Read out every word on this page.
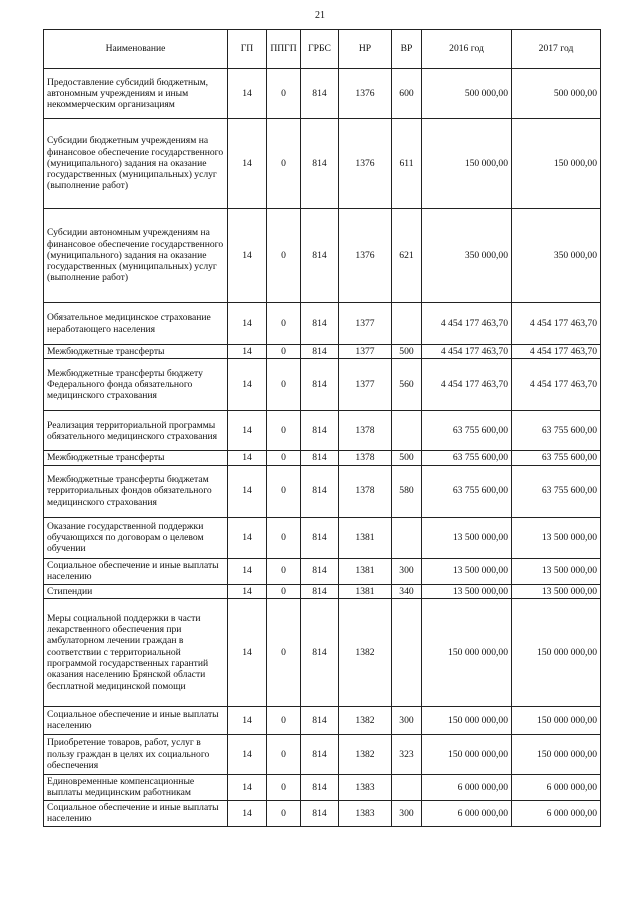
21
Наименование	ГП	ППГП	ГРБС	НР	ВР	2016 год	2017 год
Предоставление субсидий бюджетным, автономным учреждениям и иным некоммерческим организациям	14	0	814	1376	600	500 000,00	500 000,00
Субсидии бюджетным учреждениям на финансовое обеспечение государственного (муниципального) задания на оказание государственных (муниципальных) услуг (выполнение работ)	14	0	814	1376	611	150 000,00	150 000,00
Субсидии автономным учреждениям на финансовое обеспечение государственного (муниципального) задания на оказание государственных (муниципальных) услуг (выполнение работ)	14	0	814	1376	621	350 000,00	350 000,00
Обязательное медицинское страхование неработающего населения	14	0	814	1377		4 454 177 463,70	4 454 177 463,70
Межбюджетные трансферты	14	0	814	1377	500	4 454 177 463,70	4 454 177 463,70
Межбюджетные трансферты бюджету Федерального фонда обязательного медицинского страхования	14	0	814	1377	560	4 454 177 463,70	4 454 177 463,70
Реализация территориальной программы обязательного медицинского страхования	14	0	814	1378		63 755 600,00	63 755 600,00
Межбюджетные трансферты	14	0	814	1378	500	63 755 600,00	63 755 600,00
Межбюджетные трансферты бюджетам территориальных фондов обязательного медицинского страхования	14	0	814	1378	580	63 755 600,00	63 755 600,00
Оказание государственной поддержки обучающихся по договорам о целевом обучении	14	0	814	1381		13 500 000,00	13 500 000,00
Социальное обеспечение и иные выплаты населению	14	0	814	1381	300	13 500 000,00	13 500 000,00
Стипендии	14	0	814	1381	340	13 500 000,00	13 500 000,00
Меры социальной поддержки в части лекарственного обеспечения при амбулаторном лечении граждан в соответствии с территориальной программой государственных гарантий оказания населению Брянской области бесплатной медицинской помощи	14	0	814	1382		150 000 000,00	150 000 000,00
Социальное обеспечение и иные выплаты населению	14	0	814	1382	300	150 000 000,00	150 000 000,00
Приобретение товаров, работ, услуг в пользу граждан в целях их социального обеспечения	14	0	814	1382	323	150 000 000,00	150 000 000,00
Единовременные компенсационные выплаты медицинским работникам	14	0	814	1383		6 000 000,00	6 000 000,00
Социальное обеспечение и иные выплаты населению	14	0	814	1383	300	6 000 000,00	6 000 000,00
